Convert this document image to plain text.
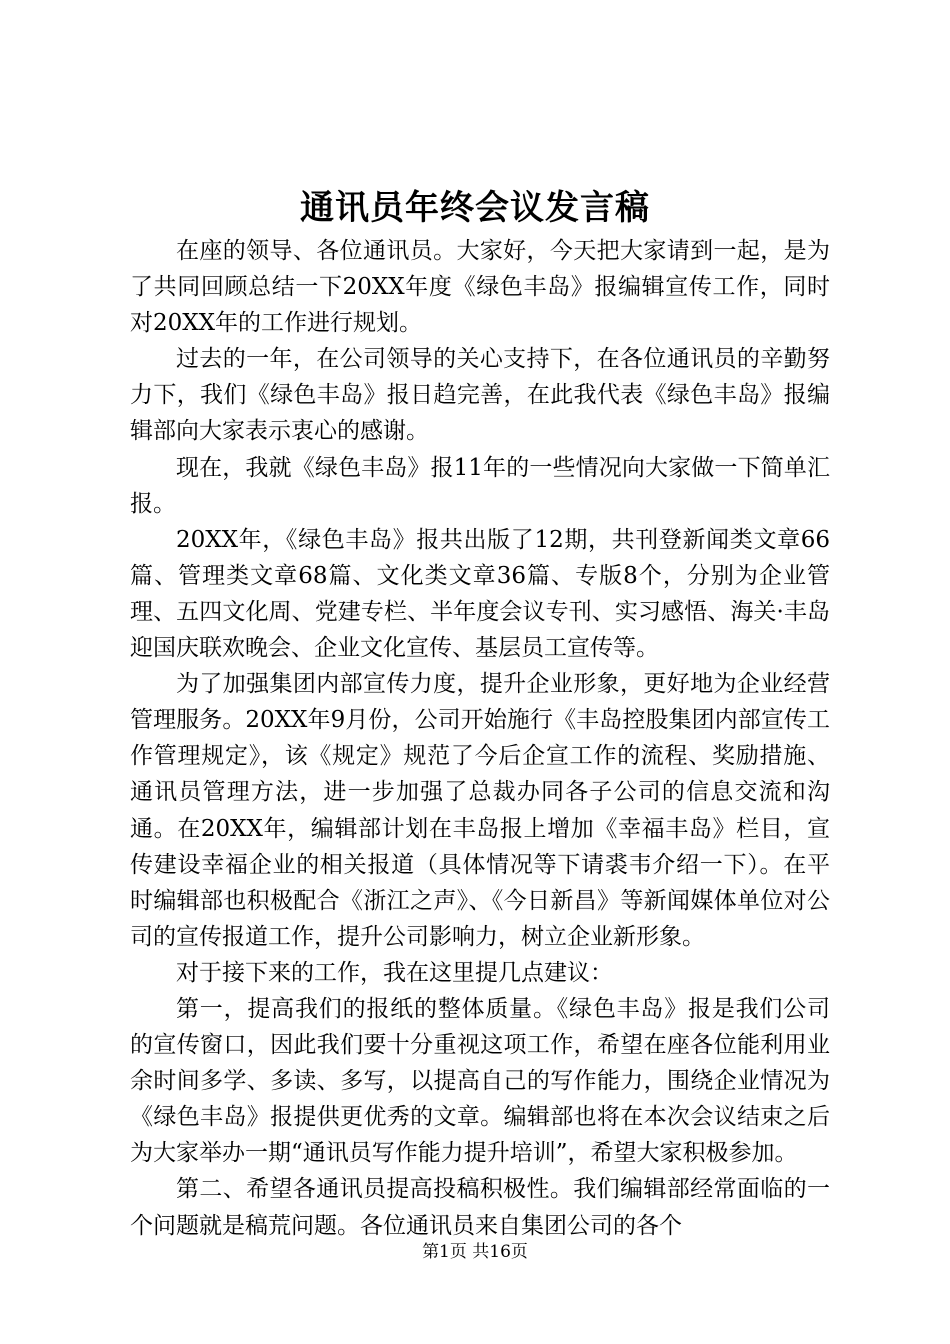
通讯员年终会议发言稿

在座的领导、各位通讯员。大家好，今天把大家请到一起，是为了共同回顾总结一下20XX年度《绿色丰岛》报编辑宣传工作，同时对20XX年的工作进行规划。

过去的一年，在公司领导的关心支持下，在各位通讯员的辛勤努力下，我们《绿色丰岛》报日趋完善，在此我代表《绿色丰岛》报编辑部向大家表示衷心的感谢。

现在，我就《绿色丰岛》报11年的一些情况向大家做一下简单汇报。

20XX年，《绿色丰岛》报共出版了12期，共刊登新闻类文章66篇、管理类文章68篇、文化类文章36篇、专版8个，分别为企业管理、五四文化周、党建专栏、半年度会议专刊、实习感悟、海关·丰岛迎国庆联欢晚会、企业文化宣传、基层员工宣传等。

为了加强集团内部宣传力度，提升企业形象，更好地为企业经营管理服务。20XX年9月份，公司开始施行《丰岛控股集团内部宣传工作管理规定》，该《规定》规范了今后企宣工作的流程、奖励措施、通讯员管理方法，进一步加强了总裁办同各子公司的信息交流和沟通。在20XX年，编辑部计划在丰岛报上增加《幸福丰岛》栏目，宣传建设幸福企业的相关报道（具体情况等下请裘韦介绍一下）。在平时编辑部也积极配合《浙江之声》、《今日新昌》等新闻媒体单位对公司的宣传报道工作，提升公司影响力，树立企业新形象。

对于接下来的工作，我在这里提几点建议：

第一，提高我们的报纸的整体质量。《绿色丰岛》报是我们公司的宣传窗口，因此我们要十分重视这项工作，希望在座各位能利用业余时间多学、多读、多写，以提高自己的写作能力，围绕企业情况为《绿色丰岛》报提供更优秀的文章。编辑部也将在本次会议结束之后为大家举办一期“通讯员写作能力提升培训”，希望大家积极参加。

第二、希望各通讯员提高投稿积极性。我们编辑部经常面临的一个问题就是稿荒问题。各位通讯员来自集团公司的各个

第1页 共16页
